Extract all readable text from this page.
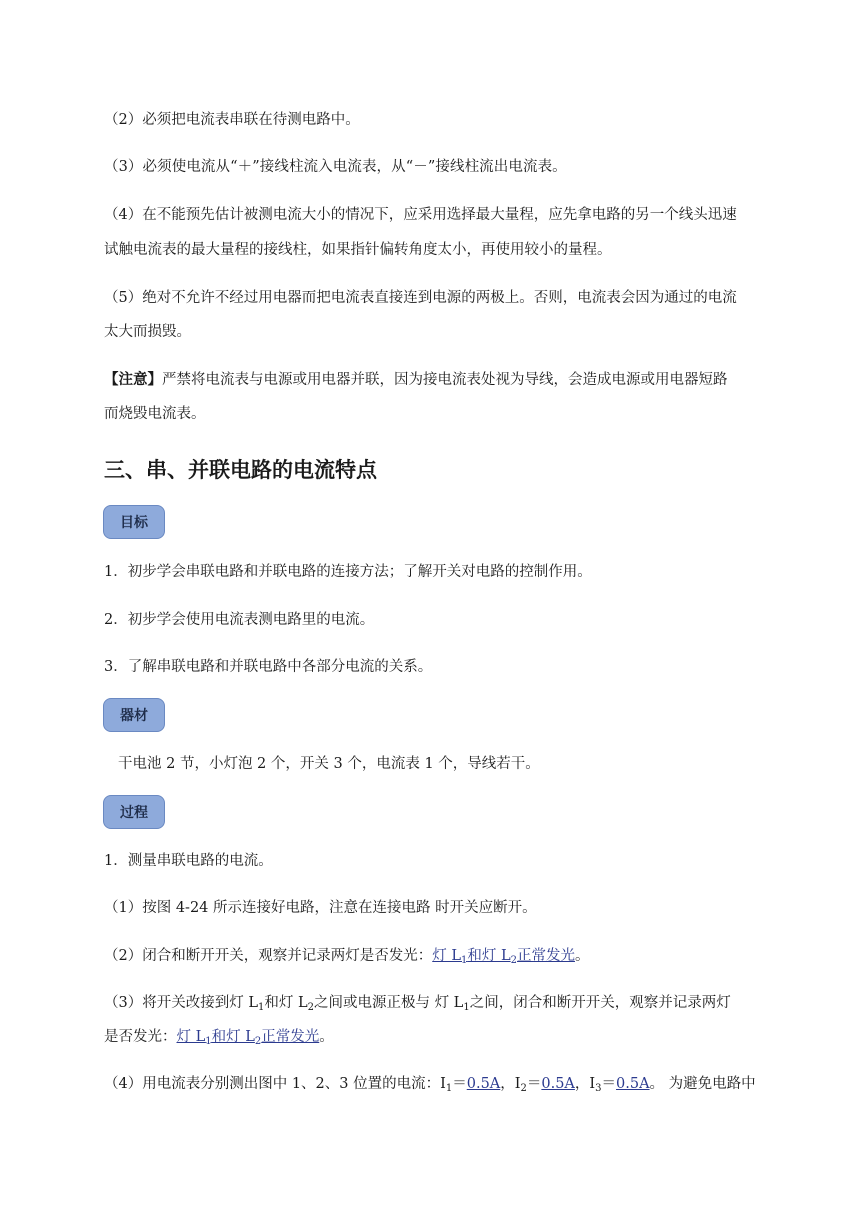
（2）必须把电流表串联在待测电路中。
（3）必须使电流从“＋”接线柱流入电流表，从“－”接线柱流出电流表。
（4）在不能预先估计被测电流大小的情况下，应采用选择最大量程，应先拿电路的另一个线头迅速
试触电流表的最大量程的接线柱，如果指针偏转角度太小，再使用较小的量程。
（5）绝对不允许不经过用电器而把电流表直接连到电源的两极上。否则，电流表会因为通过的电流
太大而损毁。
【注意】严禁将电流表与电源或用电器并联，因为接电流表处视为导线，会造成电源或用电器短路
而烧毁电流表。
三、串、并联电路的电流特点
目标
1．初步学会串联电路和并联电路的连接方法；了解开关对电路的控制作用。
2．初步学会使用电流表测电路里的电流。
3．了解串联电路和并联电路中各部分电流的关系。
器材
干电池 2 节，小灯泡 2 个，开关 3 个，电流表 1 个，导线若干。
过程
1．测量串联电路的电流。
（1）按图 4-24 所示连接好电路，注意在连接电路 时开关应断开。
（2）闭合和断开开关，观察并记录两灯是否发光：灯 $L_1$和灯 $L_2$正常发光。
（3）将开关改接到灯 $L_1$和灯 $L_2$之间或电源正极与 灯 $L_1$之间，闭合和断开开关，观察并记录两灯
是否发光：灯 $L_1$和灯 $L_2$正常发光。
（4）用电流表分别测出图中 1、2、3 位置的电流：$I_1=0.5A$，$I_2=0.5A$，$I_3=0.5A$。 为避免电路中
